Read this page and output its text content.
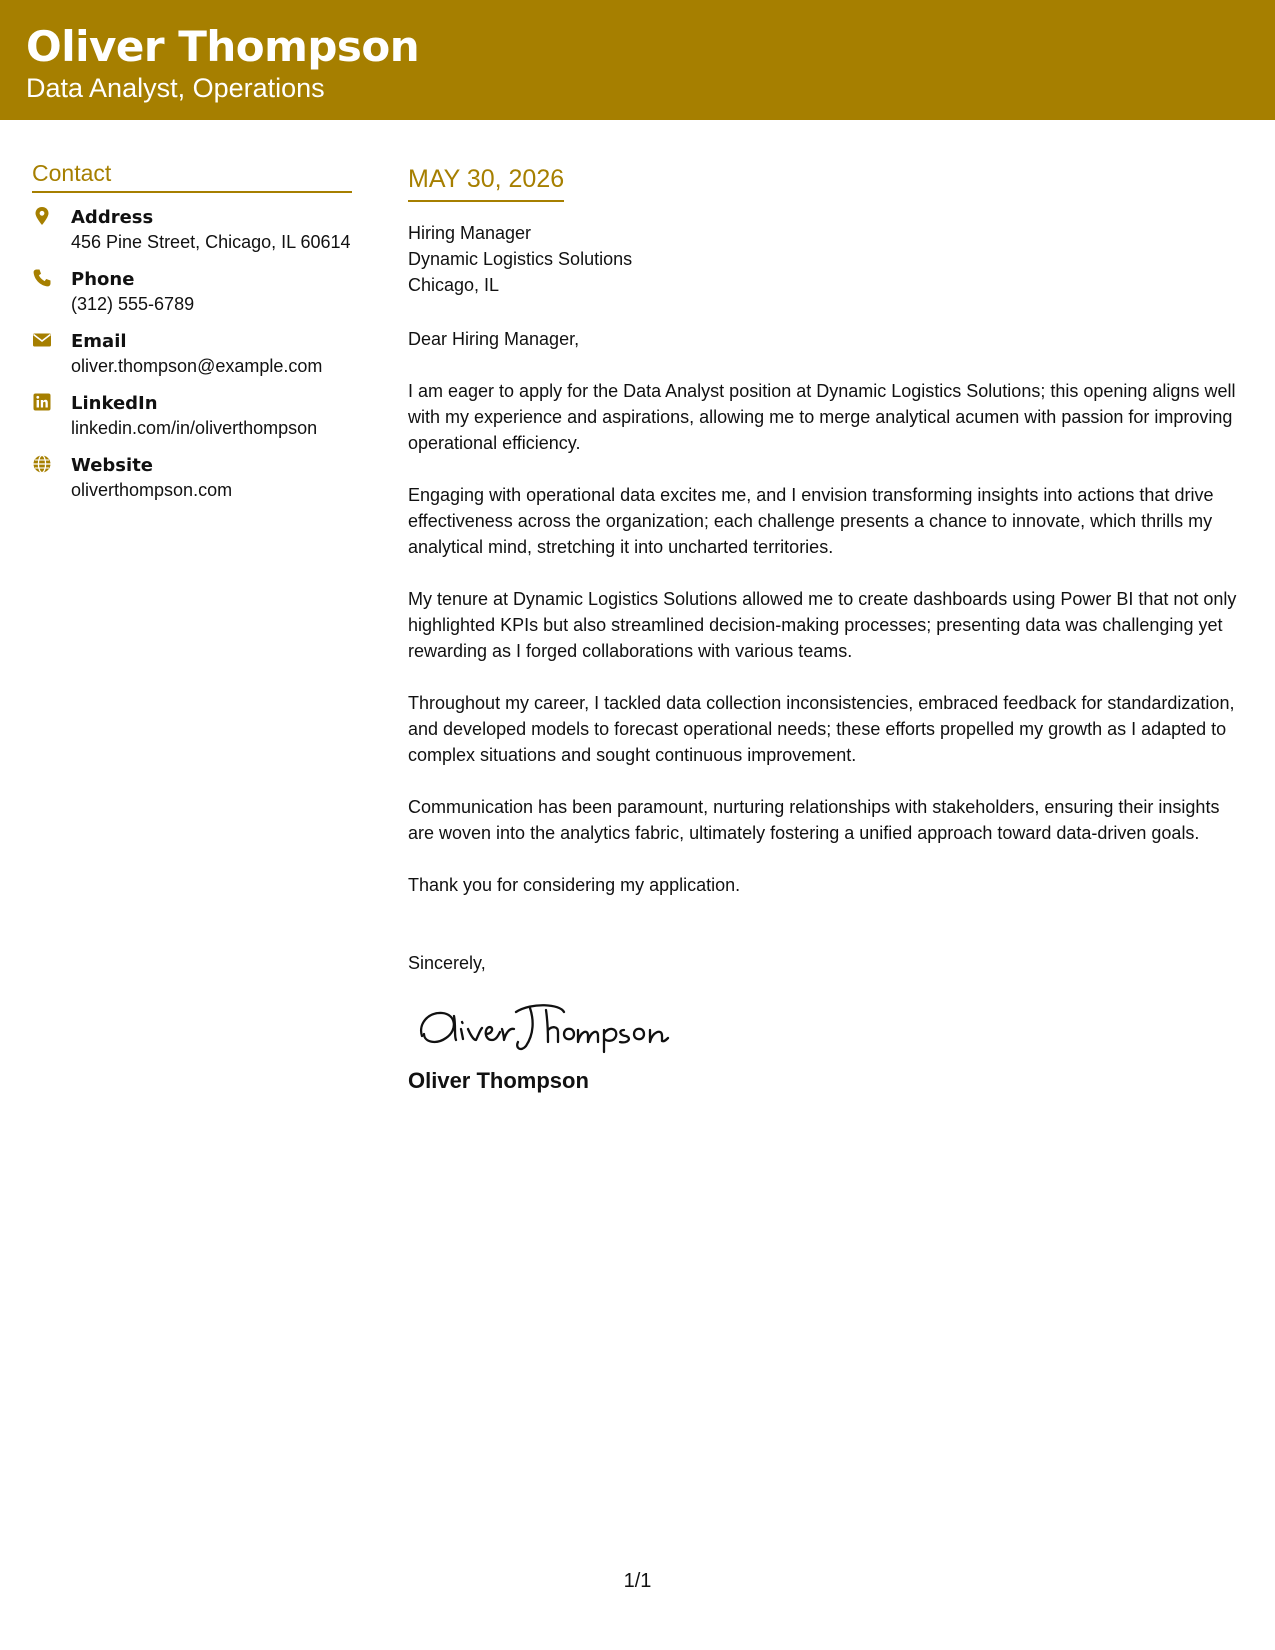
Oliver Thompson
Data Analyst, Operations
Contact
Address
456 Pine Street, Chicago, IL 60614
Phone
(312) 555-6789
Email
oliver.thompson@example.com
LinkedIn
linkedin.com/in/oliverthompson
Website
oliverthompson.com
MAY 30, 2026
Hiring Manager
Dynamic Logistics Solutions
Chicago, IL
Dear Hiring Manager,
I am eager to apply for the Data Analyst position at Dynamic Logistics Solutions; this opening aligns well with my experience and aspirations, allowing me to merge analytical acumen with passion for improving operational efficiency.
Engaging with operational data excites me, and I envision transforming insights into actions that drive effectiveness across the organization; each challenge presents a chance to innovate, which thrills my analytical mind, stretching it into uncharted territories.
My tenure at Dynamic Logistics Solutions allowed me to create dashboards using Power BI that not only highlighted KPIs but also streamlined decision-making processes; presenting data was challenging yet rewarding as I forged collaborations with various teams.
Throughout my career, I tackled data collection inconsistencies, embraced feedback for standardization, and developed models to forecast operational needs; these efforts propelled my growth as I adapted to complex situations and sought continuous improvement.
Communication has been paramount, nurturing relationships with stakeholders, ensuring their insights are woven into the analytics fabric, ultimately fostering a unified approach toward data-driven goals.
Thank you for considering my application.
Sincerely,
Oliver Thompson
1/1
